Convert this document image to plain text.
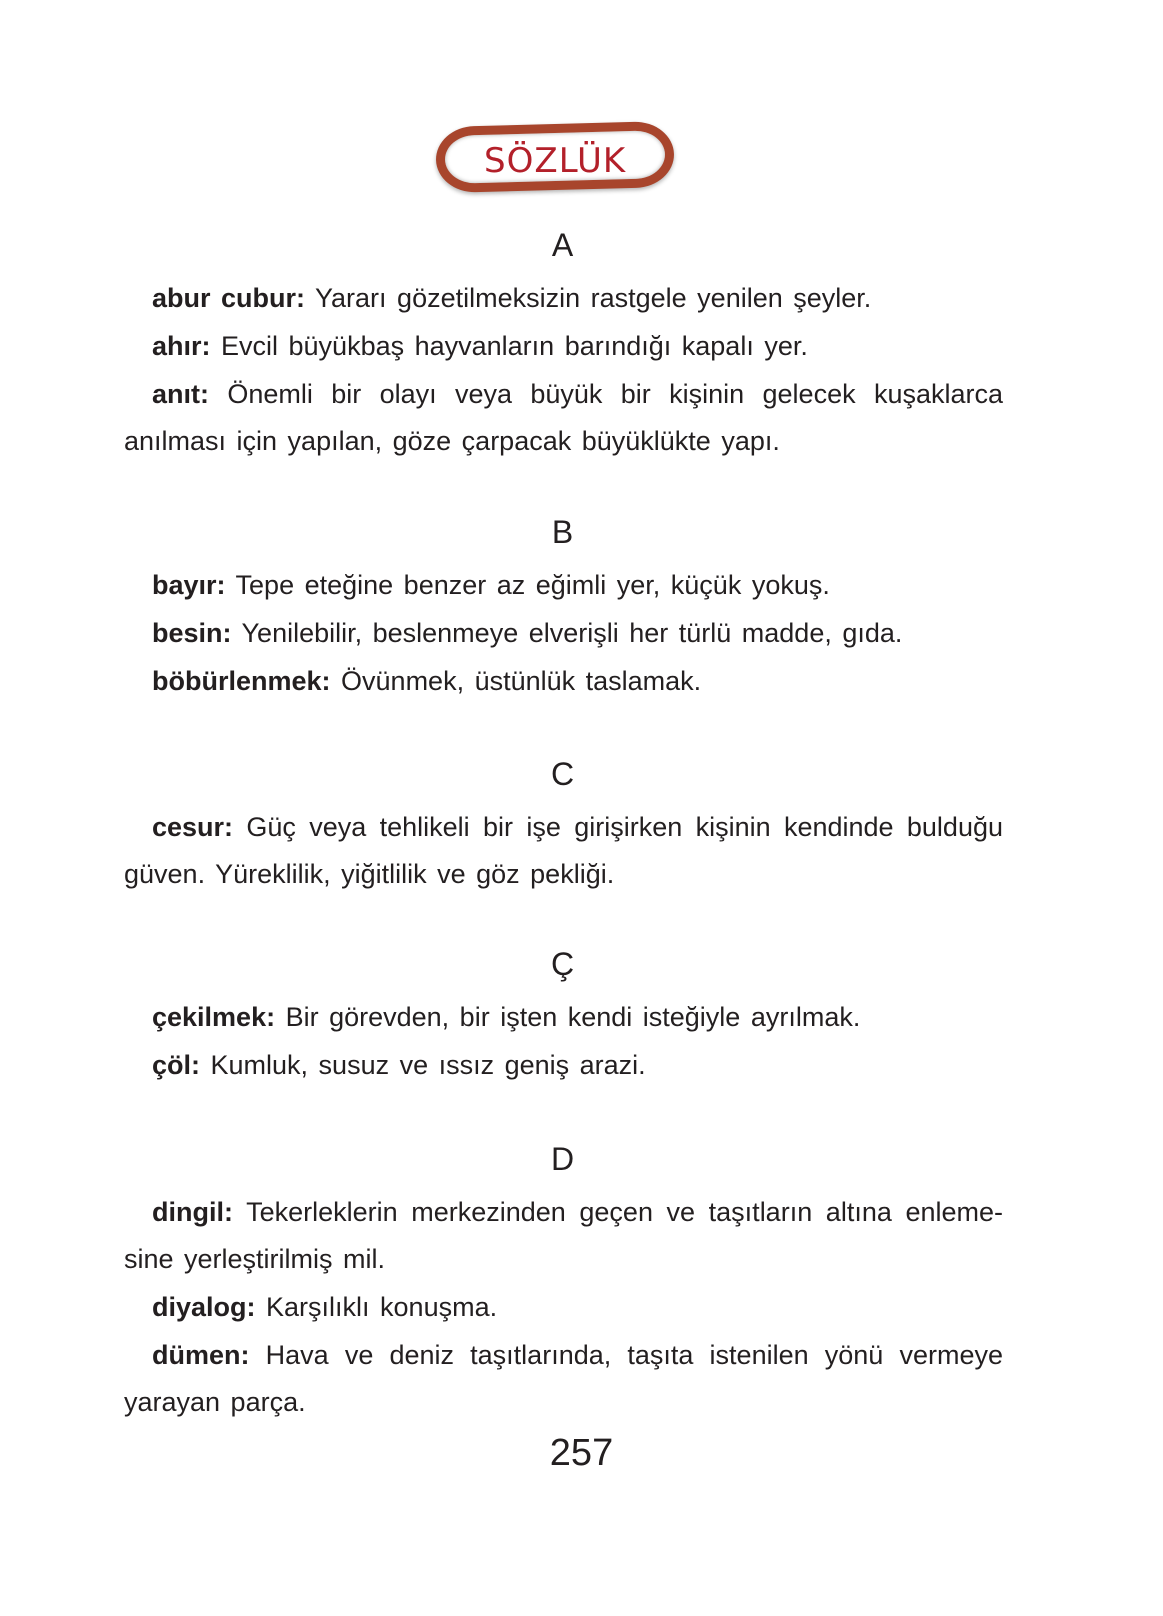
SÖZLÜK
A
abur cubur: Yararı gözetilmeksizin rastgele yenilen şeyler.
ahır: Evcil büyükbaş hayvanların barındığı kapalı yer.
anıt: Önemli bir olayı veya büyük bir kişinin gelecek kuşaklarca anılması için yapılan, göze çarpacak büyüklükte yapı.
B
bayır: Tepe eteğine benzer az eğimli yer, küçük yokuş.
besin: Yenilebilir, beslenmeye elverişli her türlü madde, gıda.
böbürlenmek: Övünmek, üstünlük taslamak.
C
cesur: Güç veya tehlikeli bir işe girişirken kişinin kendinde bulduğu güven. Yüreklilik, yiğitlilik ve göz pekliği.
Ç
çekilmek: Bir görevden, bir işten kendi isteğiyle ayrılmak.
çöl: Kumluk, susuz ve ıssız geniş arazi.
D
dingil: Tekerleklerin merkezinden geçen ve taşıtların altına enleme- sine yerleştirilmiş mil.
diyalog: Karşılıklı konuşma.
dümen: Hava ve deniz taşıtlarında, taşıta istenilen yönü vermeye yarayan parça.
257
